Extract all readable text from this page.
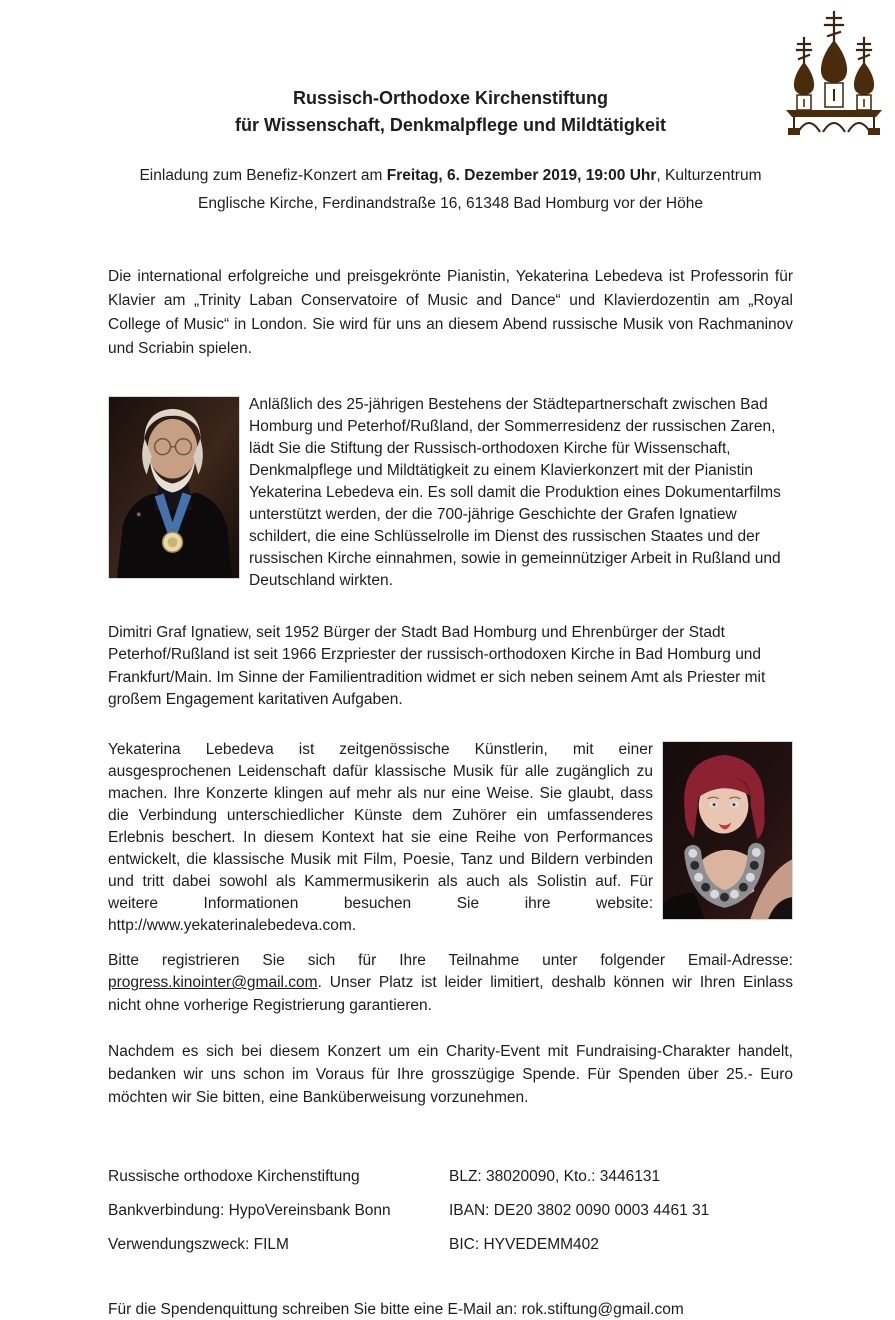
Russisch-Orthodoxe Kirchenstiftung
für Wissenschaft, Denkmalpflege und Mildtätigkeit
Einladung zum Benefiz-Konzert am Freitag, 6. Dezember 2019, 19:00 Uhr, Kulturzentrum Englische Kirche, Ferdinandstraße 16, 61348 Bad Homburg vor der Höhe

Die international erfolgreiche und preisgekrönte Pianistin, Yekaterina Lebedeva ist Professorin für Klavier am „Trinity Laban Conservatoire of Music and Dance“ und Klavierdozentin am „Royal College of Music“ in London. Sie wird für uns an diesem Abend russische Musik von Rachmaninov und Scriabin spielen.

Anläßlich des 25-jährigen Bestehens der Städtepartnerschaft zwischen Bad Homburg und Peterhof/Rußland, der Sommerresidenz der russischen Zaren, lädt Sie die Stiftung der Russisch-orthodoxen Kirche für Wissenschaft, Denkmalpflege und Mildtätigkeit zu einem Klavierkonzert mit der Pianistin Yekaterina Lebedeva ein. Es soll damit die Produktion eines Dokumentarfilms unterstützt werden, der die 700-jährige Geschichte der Grafen Ignatiew schildert, die eine Schlüsselrolle im Dienst des russischen Staates und der russischen Kirche einnahmen, sowie in gemeinnütziger Arbeit in Rußland und Deutschland wirkten.

Dimitri Graf Ignatiew, seit 1952 Bürger der Stadt Bad Homburg und Ehrenbürger der Stadt Peterhof/Rußland ist seit 1966 Erzpriester der russisch-orthodoxen Kirche in Bad Homburg und Frankfurt/Main. Im Sinne der Familientradition widmet er sich neben seinem Amt als Priester mit großem Engagement karitativen Aufgaben.

Yekaterina Lebedeva ist zeitgenössische Künstlerin, mit einer ausgesprochenen Leidenschaft dafür klassische Musik für alle zugänglich zu machen. Ihre Konzerte klingen auf mehr als nur eine Weise. Sie glaubt, dass die Verbindung unterschiedlicher Künste dem Zuhörer ein umfassenderes Erlebnis beschert. In diesem Kontext hat sie eine Reihe von Performances entwickelt, die klassische Musik mit Film, Poesie, Tanz und Bildern verbinden und tritt dabei sowohl als Kammermusikerin als auch als Solistin auf. Für weitere Informationen besuchen Sie ihre website: http://www.yekaterinalebedeva.com.

Bitte registrieren Sie sich für Ihre Teilnahme unter folgender Email-Adresse: progress.kinointer@gmail.com. Unser Platz ist leider limitiert, deshalb können wir Ihren Einlass nicht ohne vorherige Registrierung garantieren.

Nachdem es sich bei diesem Konzert um ein Charity-Event mit Fundraising-Charakter handelt, bedanken wir uns schon im Voraus für Ihre grosszügige Spende. Für Spenden über 25.- Euro möchten wir Sie bitten, eine Banküberweisung vorzunehmen.

Russische orthodoxe Kirchenstiftung	BLZ: 38020090, Kto.: 3446131
Bankverbindung: HypoVereinsbank Bonn	IBAN: DE20 3802 0090 0003 4461 31
Verwendungszweck: FILM	BIC: HYVEDEMM402

Für die Spendenquittung schreiben Sie bitte eine E-Mail an: rok.stiftung@gmail.com
